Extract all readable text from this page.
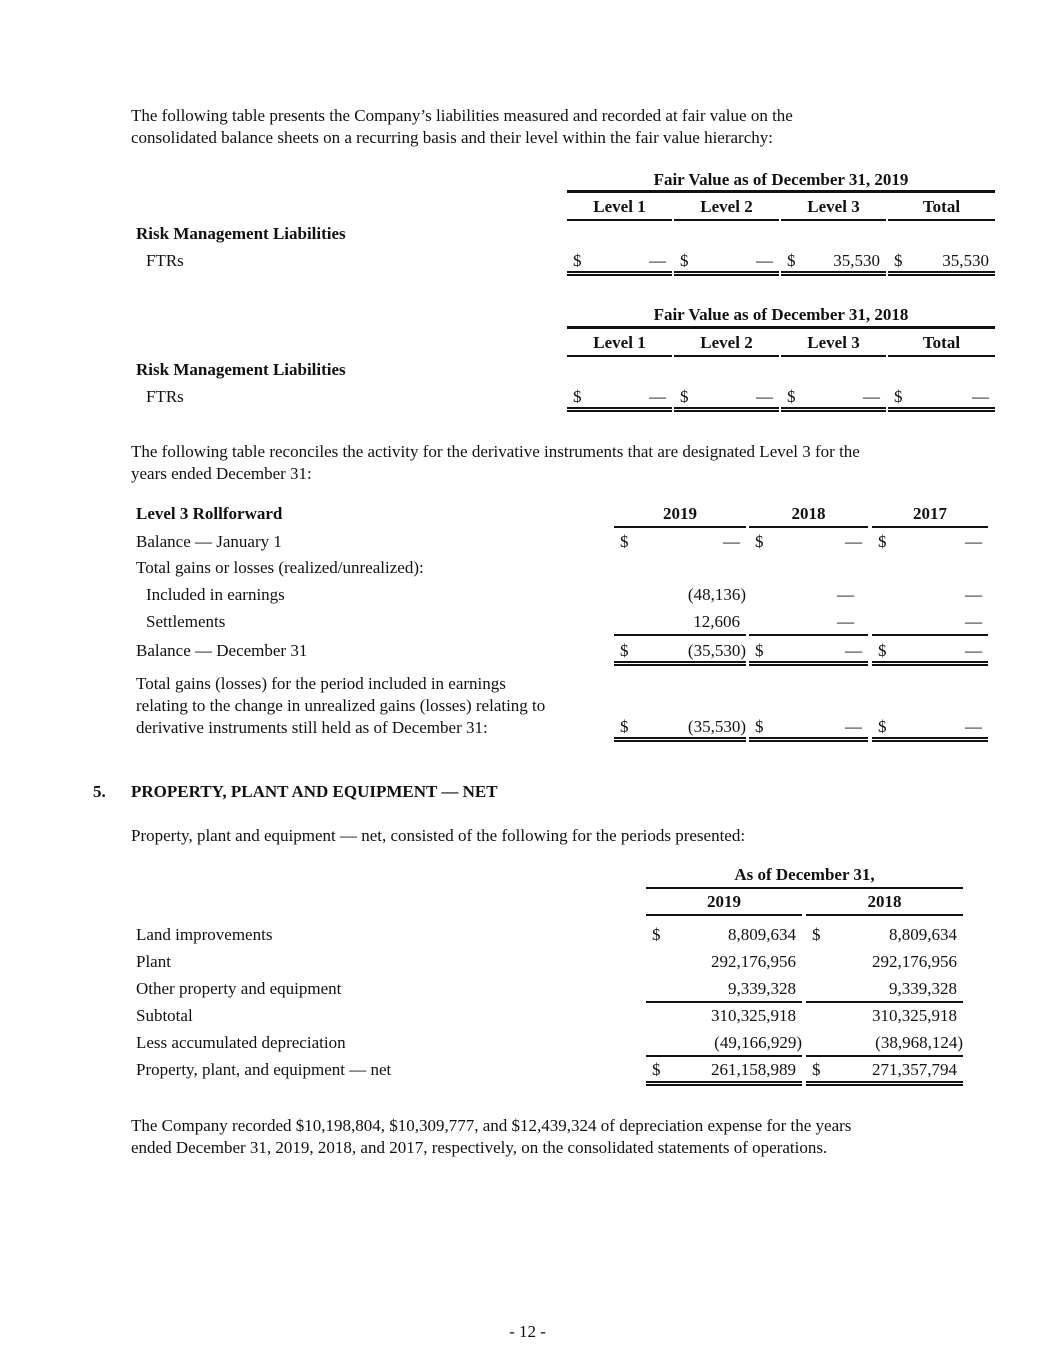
The following table presents the Company’s liabilities measured and recorded at fair value on the
consolidated balance sheets on a recurring basis and their level within the fair value hierarchy:
Fair Value as of December 31, 2019
Level 1	Level 2	Level 3	Total
Risk Management Liabilities
FTRs	$	— $	— $ 35,530 $ 35,530
Fair Value as of December 31, 2018
Level 1	Level 2	Level 3	Total
Risk Management Liabilities
FTRs	$	— $	— $	— $	—
The following table reconciles the activity for the derivative instruments that are designated Level 3 for the
years ended December 31:
Level 3 Rollforward	2019	2018	2017
Balance — January 1	$	— $	— $	—
Total gains or losses (realized/unrealized):
Included in earnings	(48,136)	—	—
Settlements	12,606	—	—
Balance — December 31	$	(35,530) $	— $	—
Total gains (losses) for the period included in earnings
relating to the change in unrealized gains (losses) relating to
derivative instruments still held as of December 31:	$	(35,530) $	— $	—
5. PROPERTY, PLANT AND EQUIPMENT — NET
Property, plant and equipment — net, consisted of the following for the periods presented:
As of December 31,
2019	2018
Land improvements	$	8,809,634 $	8,809,634
Plant	292,176,956	292,176,956
Other property and equipment	9,339,328	9,339,328
Subtotal	310,325,918	310,325,918
Less accumulated depreciation	(49,166,929)	(38,968,124)
Property, plant, and equipment — net	$	261,158,989 $	271,357,794
The Company recorded $10,198,804, $10,309,777, and $12,439,324 of depreciation expense for the years
ended December 31, 2019, 2018, and 2017, respectively, on the consolidated statements of operations.
- 12 -
